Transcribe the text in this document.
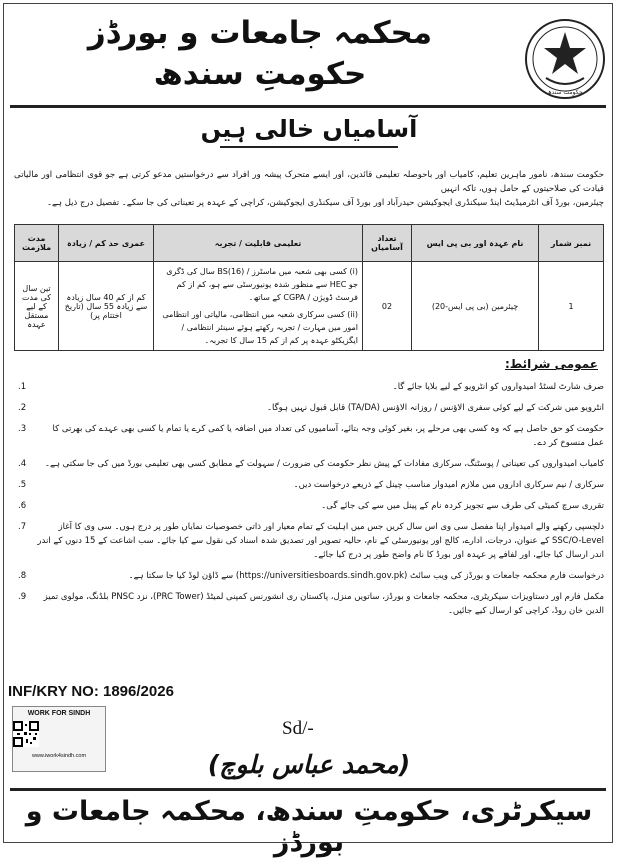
محکمہ جامعات و بورڈز
حکومتِ سندھ
حکومت سندھ
آسامیاں خالی ہیں

حکومت سندھ، نامور ماہرین تعلیم، کامیاب اور باحوصلہ تعلیمی قائدین، اور ایسے متحرک پیشہ ور افراد سے درخواستیں مدعو کرتی ہے جو قوی انتظامی اور مالیاتی قیادت کی صلاحیتوں کے حامل ہوں، تاکہ انہیں

چیئرمین، بورڈ آف انٹرمیڈیٹ اینڈ سیکنڈری ایجوکیشن حیدرآباد اور بورڈ آف سیکنڈری ایجوکیشن، کراچی کے عہدہ پر تعیناتی کی جا سکے۔ تفصیل درج ذیل ہے۔

نمبر شمار	نام عہدہ اور بی پی ایس	تعداد آسامیاں	تعلیمی قابلیت / تجربہ	عمری حد کم / زیادہ	مدت ملازمت
1	چیئرمین (بی پی ایس-20)	02	(i) کسی بھی شعبہ میں ماسٹرز / (16)BS سال کی ڈگری جو HEC سے منظور شدہ یونیورسٹی سے ہو، کم از کم فرسٹ ڈویژن / CGPA کے ساتھ۔
(ii) کسی سرکاری شعبہ میں انتظامی، مالیاتی اور انتظامی امور میں مہارت / تجربہ رکھتے ہوئے سینئر انتظامی / ایگزیکٹو عہدہ پر کم از کم 15 سال کا تجربہ۔	کم از کم 40 سال زیادہ سے زیادہ 55 سال (تاریخ اختتام پر)	تین سال کی مدت کے لیے مستقل عہدہ
عمومی شرائط:
1.	صرف شارٹ لسٹڈ امیدواروں کو انٹرویو کے لیے بلایا جائے گا۔
2.	انٹرویو میں شرکت کے لیے کوئی سفری الاؤنس / روزانہ الاؤنس (TA/DA) قابل قبول نہیں ہوگا۔
3.	حکومت کو حق حاصل ہے کہ وہ کسی بھی مرحلے پر، بغیر کوئی وجہ بتائے، آسامیوں کی تعداد میں اضافہ یا کمی کرے یا تمام یا کسی بھی عہدے کی بھرتی کا عمل منسوخ کر دے۔
4.	کامیاب امیدواروں کی تعیناتی / پوسٹنگ، سرکاری مفادات کے پیش نظر حکومت کی ضرورت / سہولت کے مطابق کسی بھی تعلیمی بورڈ میں کی جا سکتی ہے۔
5.	سرکاری / نیم سرکاری اداروں میں ملازم امیدوار مناسب چینل کے ذریعے درخواست دیں۔
6.	تقرری سرچ کمیٹی کی طرف سے تجویز کردہ نام کے پینل میں سے کی جائے گی۔
7.	دلچسپی رکھنے والے امیدوار اپنا مفصل سی وی اس سال کریں جس میں اہلیت کے تمام معیار اور ذاتی خصوصیات نمایاں طور پر درج ہوں۔ سی وی کا آغاز SSC/O-Level کے عنوان، درجات، ادارے، کالج اور یونیورسٹی کے نام، حالیہ تصویر اور تصدیق شدہ اسناد کی نقول سے کیا جائے۔ سب اشاعت کے 15 دنوں کے اندر اندر ارسال کیا جائے، اور لفافے پر عہدہ اور بورڈ کا نام واضح طور پر درج کیا جائے۔
8.	درخواست فارم محکمہ جامعات و بورڈز کی ویب سائٹ (https://universitiesboards.sindh.gov.pk) سے ڈاؤن لوڈ کیا جا سکتا ہے۔
9.	مکمل فارم اور دستاویزات سیکریٹری، محکمہ جامعات و بورڈز، ساتویں منزل، پاکستان ری انشورنس کمپنی لمیٹڈ (PRC Tower)، نزد PNSC بلڈنگ، مولوی تمیز الدین خان روڈ، کراچی کو ارسال کیے جائیں۔
INF/KRY NO: 1896/2026
WORK FOR SINDH
www.iwork4sindh.com
Sd/-
(محمد عباس بلوچ)
سیکرٹری، حکومتِ سندھ، محکمہ جامعات و بورڈز
